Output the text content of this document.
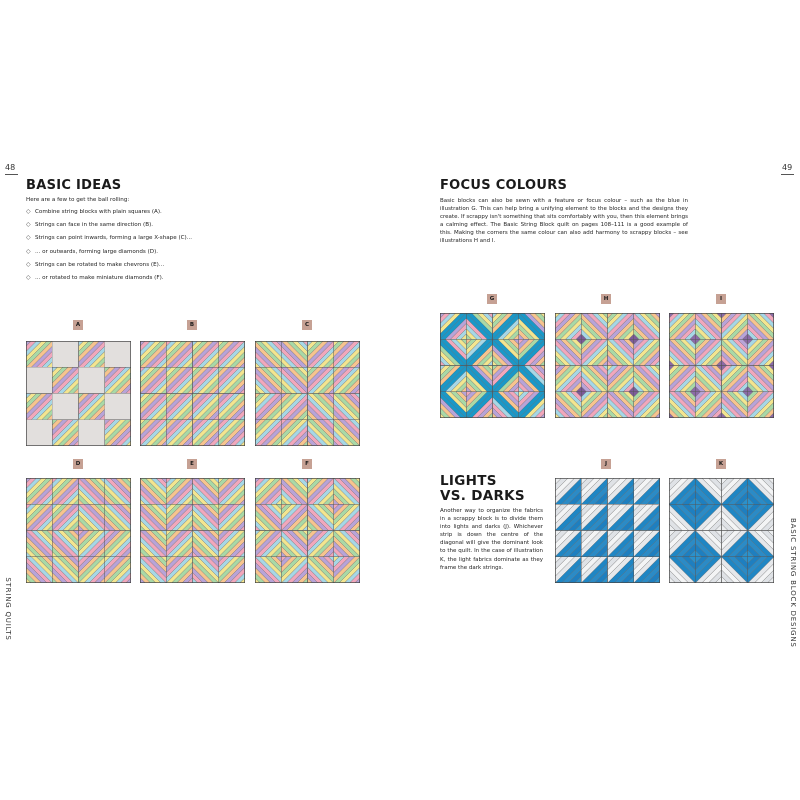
48
BASIC IDEAS

Here are a few to get the ball rolling:

◇ Combine string blocks with plain squares (A).
◇ Strings can face in the same direction (B).
◇ Strings can point inwards, forming a large X-shape (C)...
◇ ... or outwards, forming large diamonds (D).
◇ Strings can be rotated to make chevrons (E)...
◇ ... or rotated to make miniature diamonds (F).
A	B	C
D	E	F
STRING QUILTS
49
FOCUS COLOURS

Basic blocks can also be sewn with a feature or focus colour – such as the blue in illustration G. This can help bring a unifying element to the blocks and the designs they create. If scrappy isn't something that sits comfortably with you, then this element brings a calming effect. The Basic String Block quilt on pages 108–111 is a good example of this. Making the corners the same colour can also add harmony to scrappy blocks – see illustrations H and I.

G	H	I
LIGHTS
VS. DARKS

Another way to organize the fabrics in a scrappy block is to divide them into lights and darks (J). Whichever strip is down the centre of the diagonal will give the dominant look to the quilt. In the case of illustration K, the light fabrics dominate as they frame the dark strings.

J	K
BASIC STRING BLOCK DESIGNS
